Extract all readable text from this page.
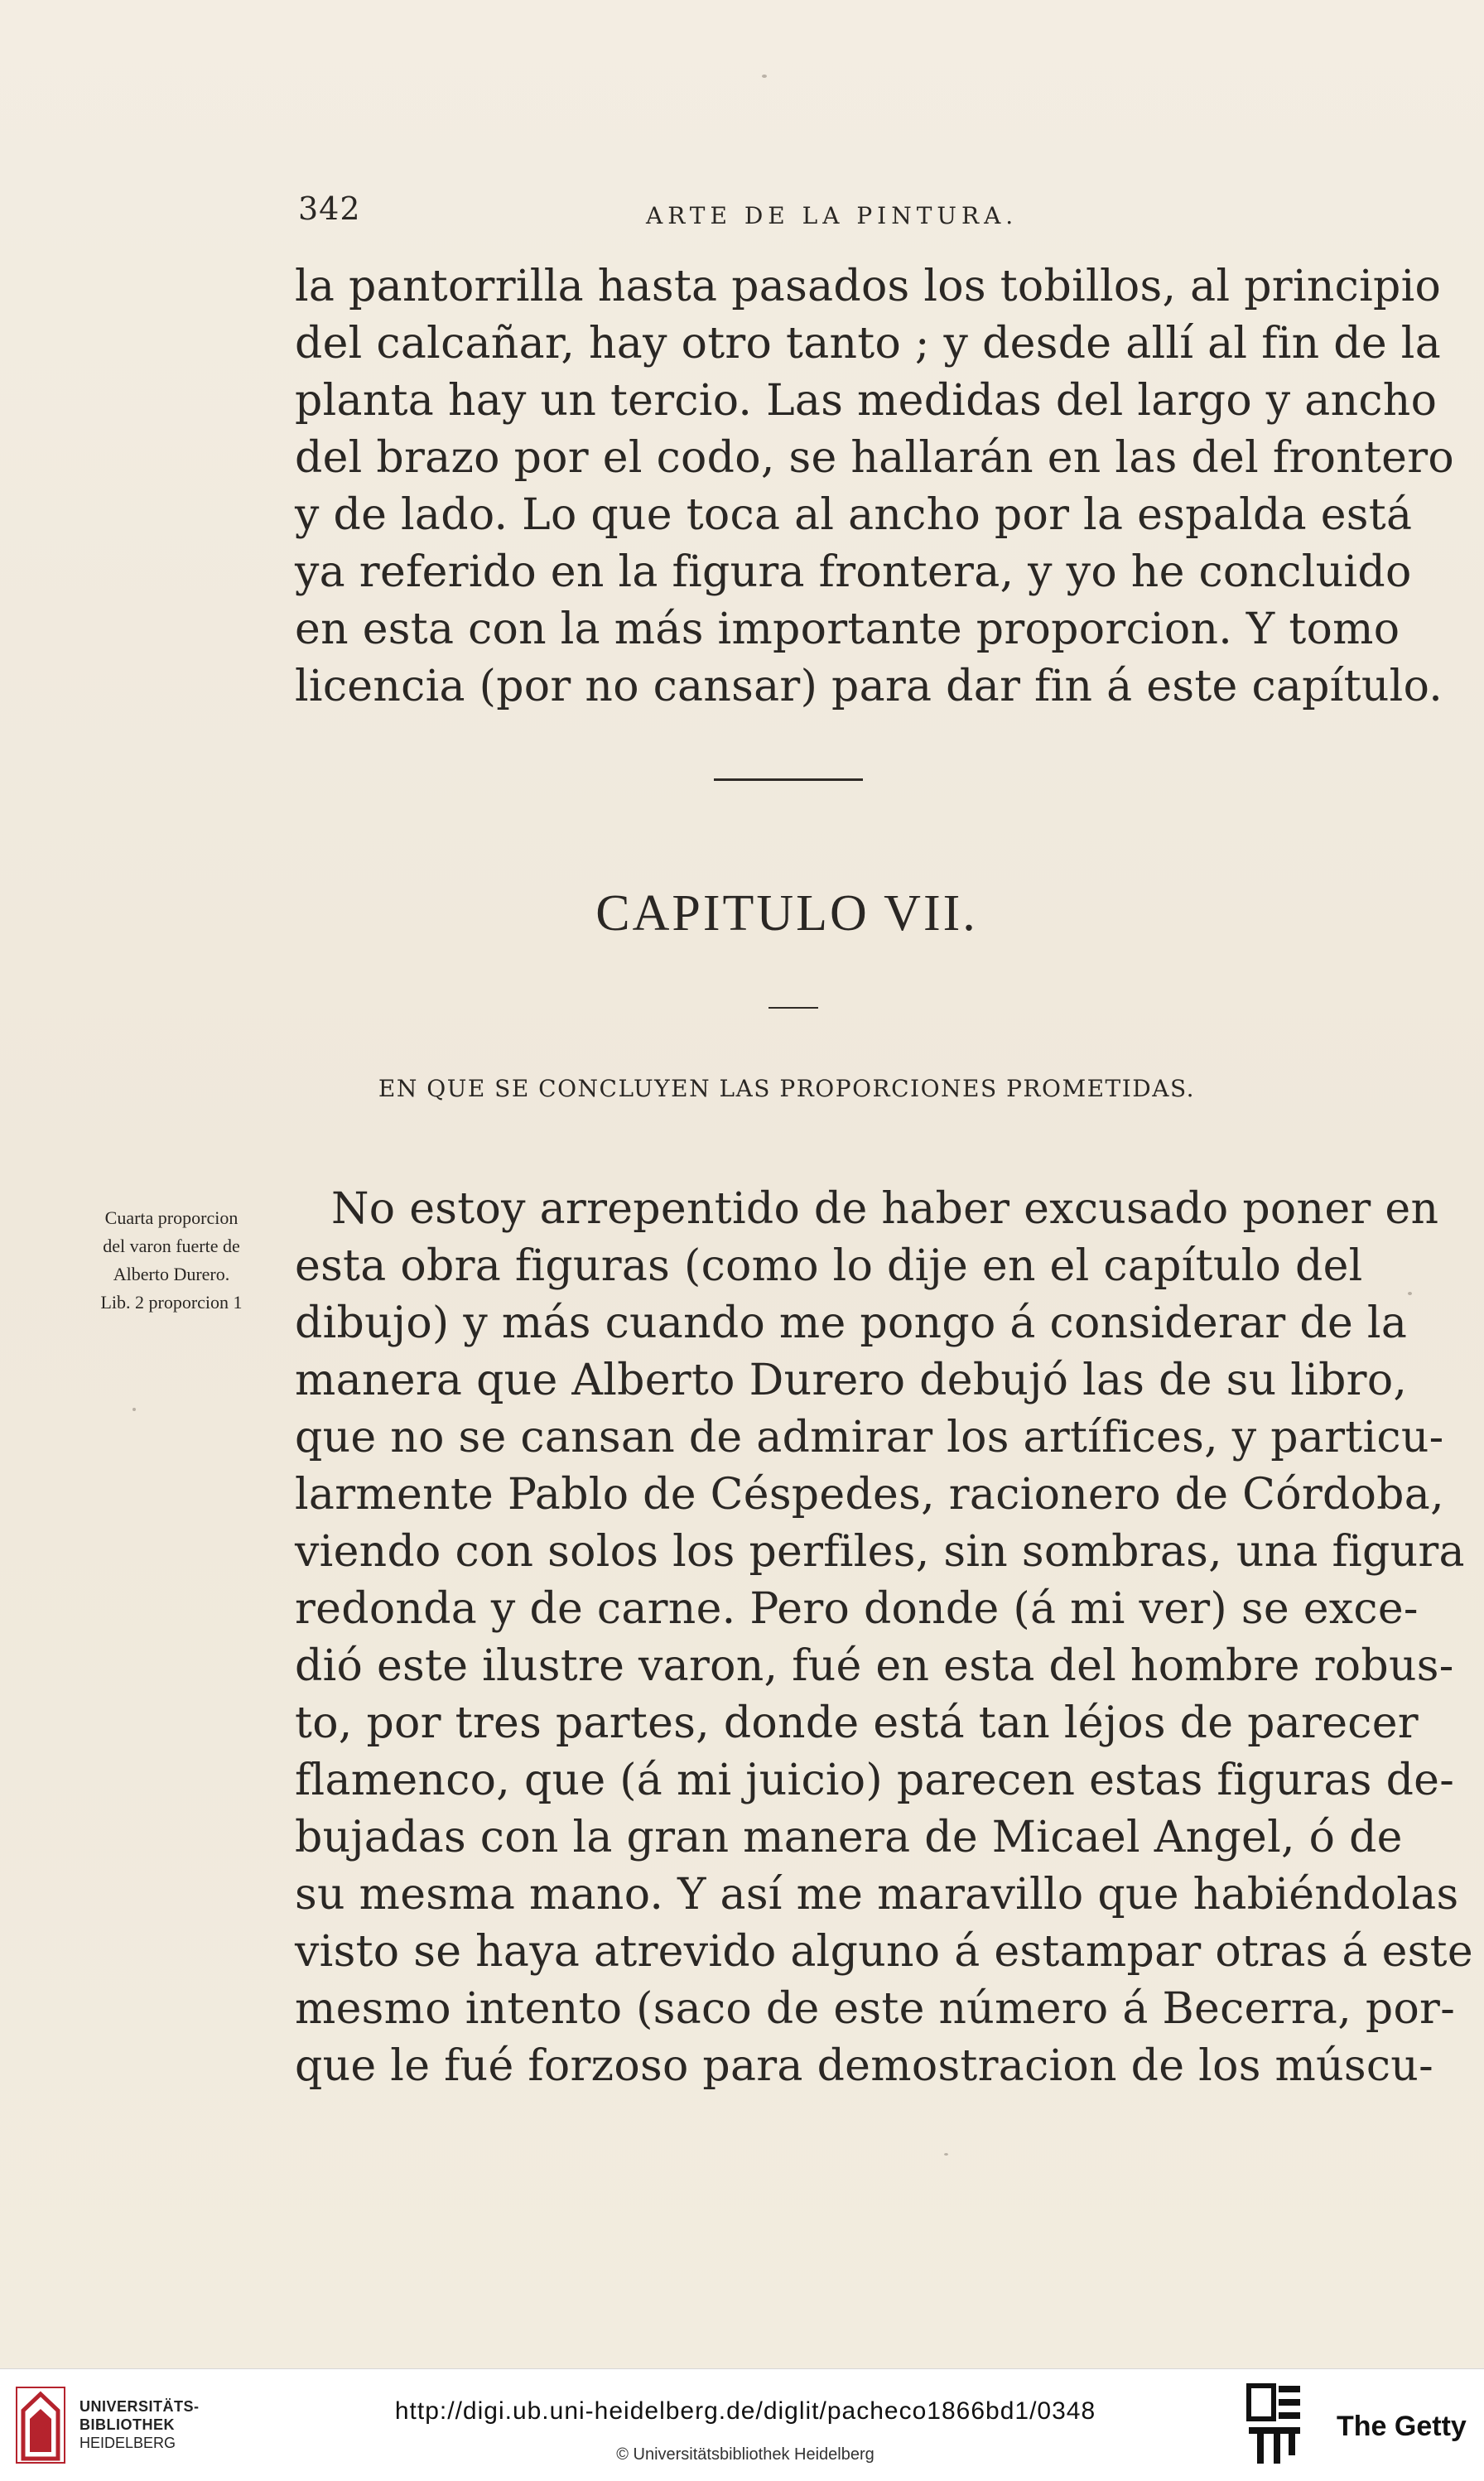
342	ARTE DE LA PINTURA.
la pantorrilla hasta pasados los tobillos, al principio
del calcañar, hay otro tanto ; y desde allí al fin de la
planta hay un tercio. Las medidas del largo y ancho
del brazo por el codo, se hallarán en las del frontero
y de lado. Lo que toca al ancho por la espalda está
ya referido en la figura frontera, y yo he concluido
en esta con la más importante proporcion. Y tomo
licencia (por no cansar) para dar fin á este capítulo.
CAPITULO VII.
EN QUE SE CONCLUYEN LAS PROPORCIONES PROMETIDAS.
Cuarta proporcion
del varon fuerte de
Alberto Durero.
Lib. 2 proporcion 1
No estoy arrepentido de haber excusado poner en
esta obra figuras (como lo dije en el capítulo del
dibujo) y más cuando me pongo á considerar de la
manera que Alberto Durero debujó las de su libro,
que no se cansan de admirar los artífices, y particu-
larmente Pablo de Céspedes, racionero de Córdoba,
viendo con solos los perfiles, sin sombras, una figura
redonda y de carne. Pero donde (á mi ver) se exce-
dió este ilustre varon, fué en esta del hombre robus-
to, por tres partes, donde está tan léjos de parecer
flamenco, que (á mi juicio) parecen estas figuras de-
bujadas con la gran manera de Micael Angel, ó de
su mesma mano. Y así me maravillo que habiéndolas
visto se haya atrevido alguno á estampar otras á este
mesmo intento (saco de este número á Becerra, por-
que le fué forzoso para demostracion de los múscu-
UNIVERSITÄTS-
BIBLIOTHEK
HEIDELBERG
http://digi.ub.uni-heidelberg.de/diglit/pacheco1866bd1/0348
© Universitätsbibliothek Heidelberg
The Getty
